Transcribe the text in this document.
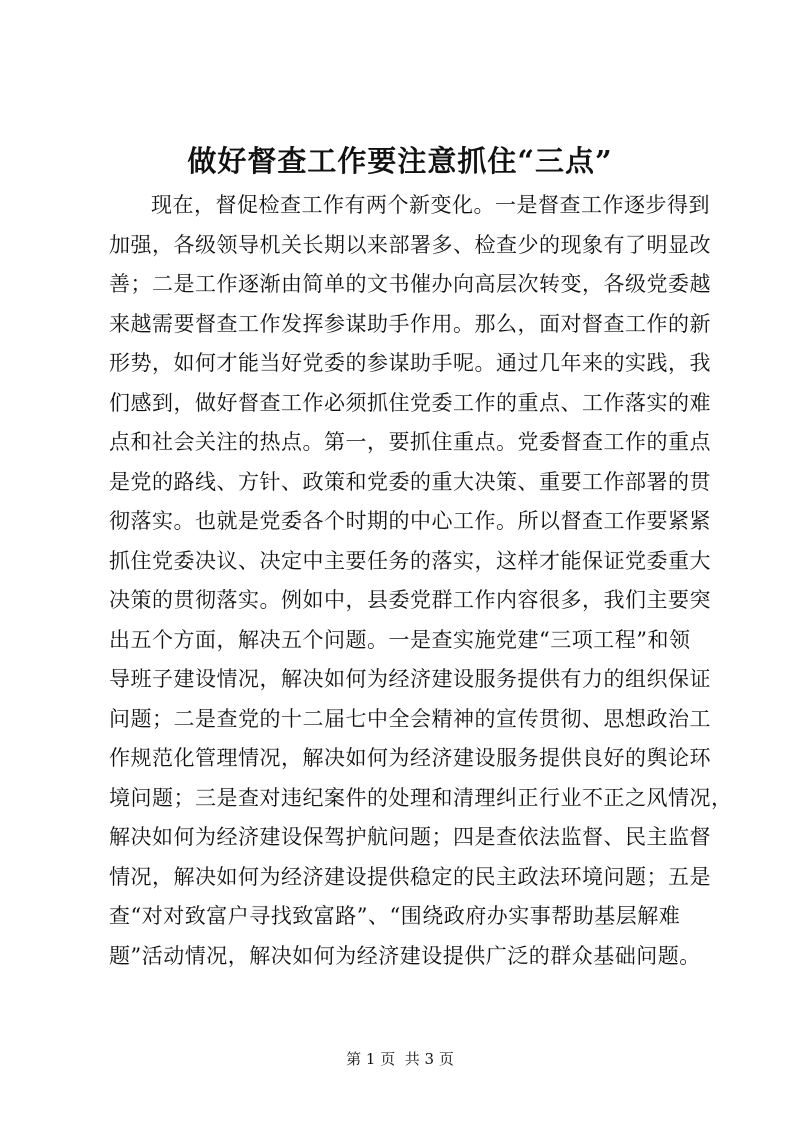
做好督查工作要注意抓住“三点”
现在，督促检查工作有两个新变化。一是督查工作逐步得到
加强，各级领导机关长期以来部署多、检查少的现象有了明显改
善；二是工作逐渐由简单的文书催办向高层次转变，各级党委越
来越需要督查工作发挥参谋助手作用。那么，面对督查工作的新
形势，如何才能当好党委的参谋助手呢。通过几年来的实践，我
们感到，做好督查工作必须抓住党委工作的重点、工作落实的难
点和社会关注的热点。第一，要抓住重点。党委督查工作的重点
是党的路线、方针、政策和党委的重大决策、重要工作部署的贯
彻落实。也就是党委各个时期的中心工作。所以督查工作要紧紧
抓住党委决议、决定中主要任务的落实，这样才能保证党委重大
决策的贯彻落实。例如中，县委党群工作内容很多，我们主要突
出五个方面，解决五个问题。一是查实施党建“三项工程”和领
导班子建设情况，解决如何为经济建设服务提供有力的组织保证
问题；二是查党的十二届七中全会精神的宣传贯彻、思想政治工
作规范化管理情况，解决如何为经济建设服务提供良好的舆论环
境问题；三是查对违纪案件的处理和清理纠正行业不正之风情况，
解决如何为经济建设保驾护航问题；四是查依法监督、民主监督
情况，解决如何为经济建设提供稳定的民主政法环境问题；五是
查“对对致富户寻找致富路”、“围绕政府办实事帮助基层解难
题”活动情况，解决如何为经济建设提供广泛的群众基础问题。
第 1 页  共 3 页
